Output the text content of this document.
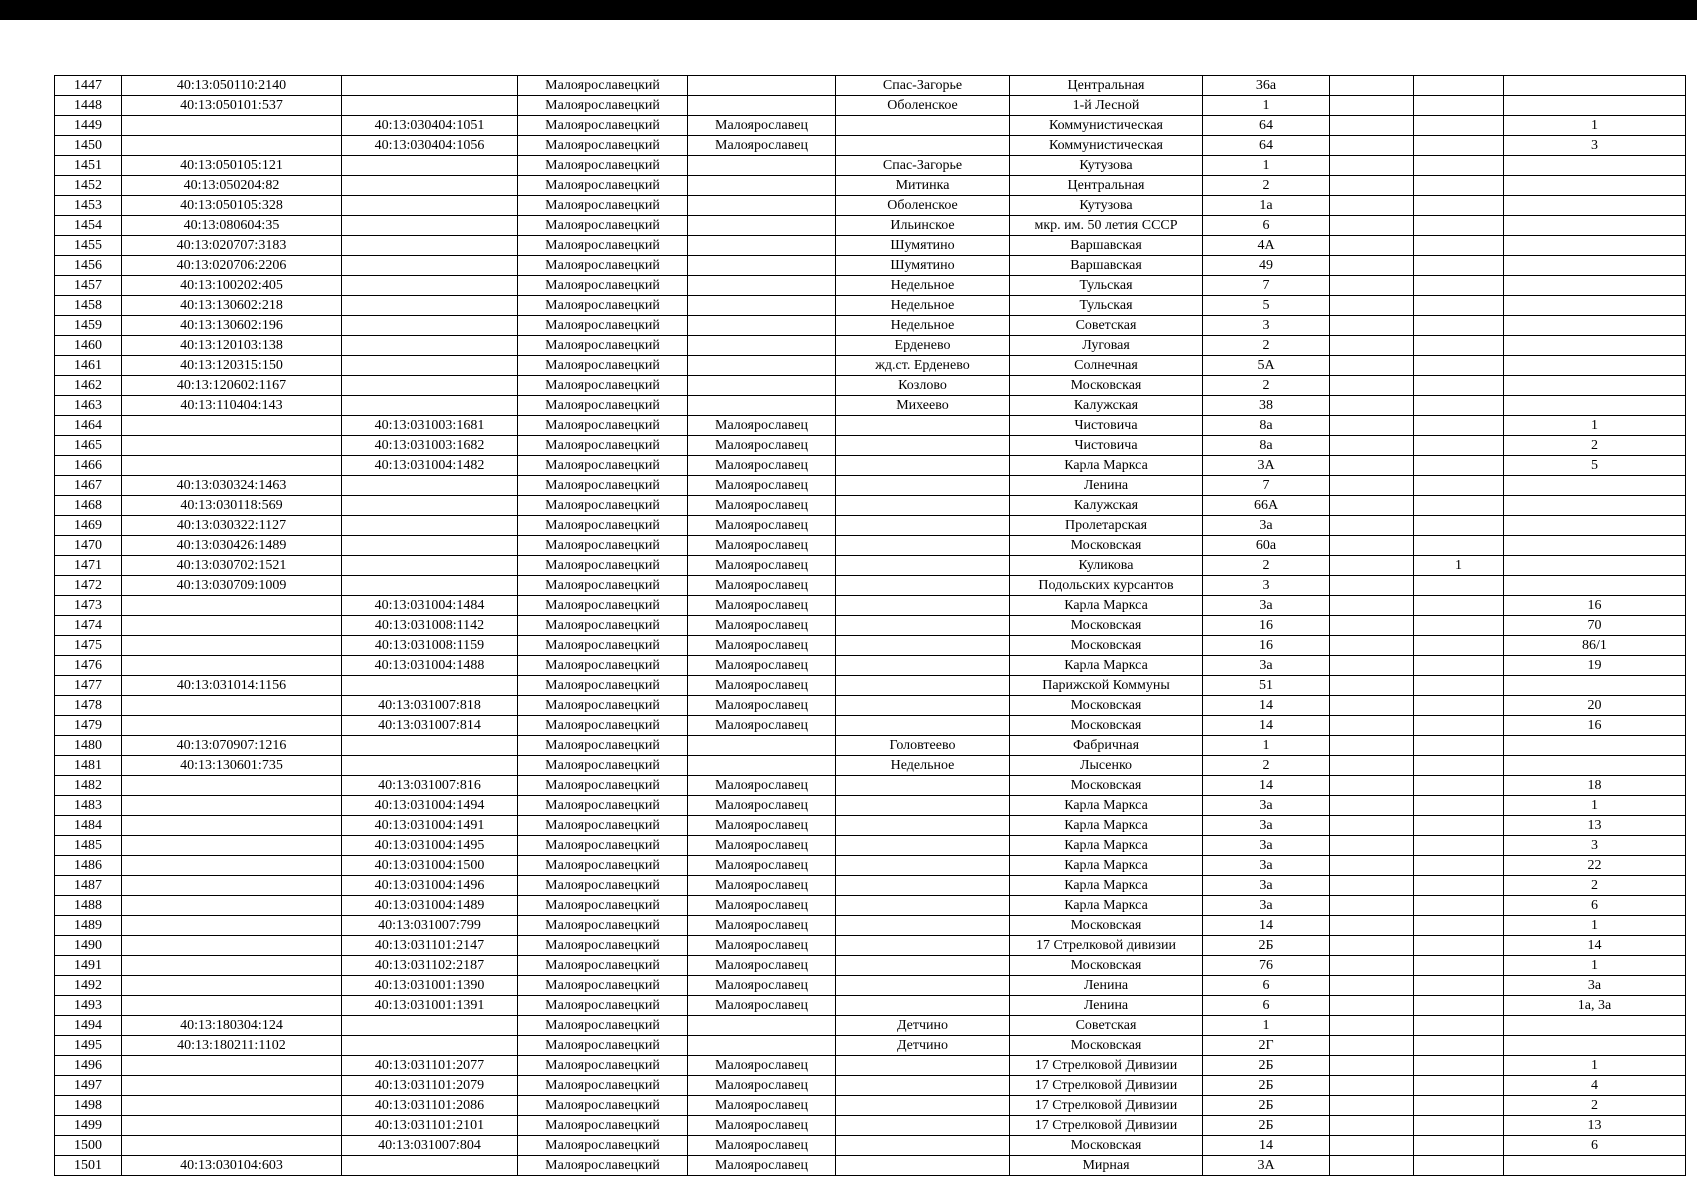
1447	40:13:050110:2140		Малоярославецкий		Спас-Загорье	Центральная	36а			
1448	40:13:050101:537		Малоярославецкий		Оболенское	1-й Лесной	1			
1449		40:13:030404:1051	Малоярославецкий	Малоярославец		Коммунистическая	64			1
1450		40:13:030404:1056	Малоярославецкий	Малоярославец		Коммунистическая	64			3
1451	40:13:050105:121		Малоярославецкий		Спас-Загорье	Кутузова	1			
1452	40:13:050204:82		Малоярославецкий		Митинка	Центральная	2			
1453	40:13:050105:328		Малоярославецкий		Оболенское	Кутузова	1а			
1454	40:13:080604:35		Малоярославецкий		Ильинское	мкр. им. 50 летия СССР	6			
1455	40:13:020707:3183		Малоярославецкий		Шумятино	Варшавская	4А			
1456	40:13:020706:2206		Малоярославецкий		Шумятино	Варшавская	49			
1457	40:13:100202:405		Малоярославецкий		Недельное	Тульская	7			
1458	40:13:130602:218		Малоярославецкий		Недельное	Тульская	5			
1459	40:13:130602:196		Малоярославецкий		Недельное	Советская	3			
1460	40:13:120103:138		Малоярославецкий		Ерденево	Луговая	2			
1461	40:13:120315:150		Малоярославецкий		жд.ст. Ерденево	Солнечная	5А			
1462	40:13:120602:1167		Малоярославецкий		Козлово	Московская	2			
1463	40:13:110404:143		Малоярославецкий		Михеево	Калужская	38			
1464		40:13:031003:1681	Малоярославецкий	Малоярославец		Чистовича	8а			1
1465		40:13:031003:1682	Малоярославецкий	Малоярославец		Чистовича	8а			2
1466		40:13:031004:1482	Малоярославецкий	Малоярославец		Карла Маркса	3А			5
1467	40:13:030324:1463		Малоярославецкий	Малоярославец		Ленина	7			
1468	40:13:030118:569		Малоярославецкий	Малоярославец		Калужская	66А			
1469	40:13:030322:1127		Малоярославецкий	Малоярославец		Пролетарская	3а			
1470	40:13:030426:1489		Малоярославецкий	Малоярославец		Московская	60а			
1471	40:13:030702:1521		Малоярославецкий	Малоярославец		Куликова	2		1	
1472	40:13:030709:1009		Малоярославецкий	Малоярославец		Подольских курсантов	3			
1473		40:13:031004:1484	Малоярославецкий	Малоярославец		Карла Маркса	3а			16
1474		40:13:031008:1142	Малоярославецкий	Малоярославец		Московская	16			70
1475		40:13:031008:1159	Малоярославецкий	Малоярославец		Московская	16			86/1
1476		40:13:031004:1488	Малоярославецкий	Малоярославец		Карла Маркса	3а			19
1477	40:13:031014:1156		Малоярославецкий	Малоярославец		Парижской Коммуны	51			
1478		40:13:031007:818	Малоярославецкий	Малоярославец		Московская	14			20
1479		40:13:031007:814	Малоярославецкий	Малоярославец		Московская	14			16
1480	40:13:070907:1216		Малоярославецкий		Головтеево	Фабричная	1			
1481	40:13:130601:735		Малоярославецкий		Недельное	Лысенко	2			
1482		40:13:031007:816	Малоярославецкий	Малоярославец		Московская	14			18
1483		40:13:031004:1494	Малоярославецкий	Малоярославец		Карла Маркса	3а			1
1484		40:13:031004:1491	Малоярославецкий	Малоярославец		Карла Маркса	3а			13
1485		40:13:031004:1495	Малоярославецкий	Малоярославец		Карла Маркса	3а			3
1486		40:13:031004:1500	Малоярославецкий	Малоярославец		Карла Маркса	3а			22
1487		40:13:031004:1496	Малоярославецкий	Малоярославец		Карла Маркса	3а			2
1488		40:13:031004:1489	Малоярославецкий	Малоярославец		Карла Маркса	3а			6
1489		40:13:031007:799	Малоярославецкий	Малоярославец		Московская	14			1
1490		40:13:031101:2147	Малоярославецкий	Малоярославец		17 Стрелковой дивизии	2Б			14
1491		40:13:031102:2187	Малоярославецкий	Малоярославец		Московская	76			1
1492		40:13:031001:1390	Малоярославецкий	Малоярославец		Ленина	6			3а
1493		40:13:031001:1391	Малоярославецкий	Малоярославец		Ленина	6			1а, 3а
1494	40:13:180304:124		Малоярославецкий		Детчино	Советская	1			
1495	40:13:180211:1102		Малоярославецкий		Детчино	Московская	2Г			
1496		40:13:031101:2077	Малоярославецкий	Малоярославец		17 Стрелковой Дивизии	2Б			1
1497		40:13:031101:2079	Малоярославецкий	Малоярославец		17 Стрелковой Дивизии	2Б			4
1498		40:13:031101:2086	Малоярославецкий	Малоярославец		17 Стрелковой Дивизии	2Б			2
1499		40:13:031101:2101	Малоярославецкий	Малоярославец		17 Стрелковой Дивизии	2Б			13
1500		40:13:031007:804	Малоярославецкий	Малоярославец		Московская	14			6
1501	40:13:030104:603		Малоярославецкий	Малоярославец		Мирная	3А			
